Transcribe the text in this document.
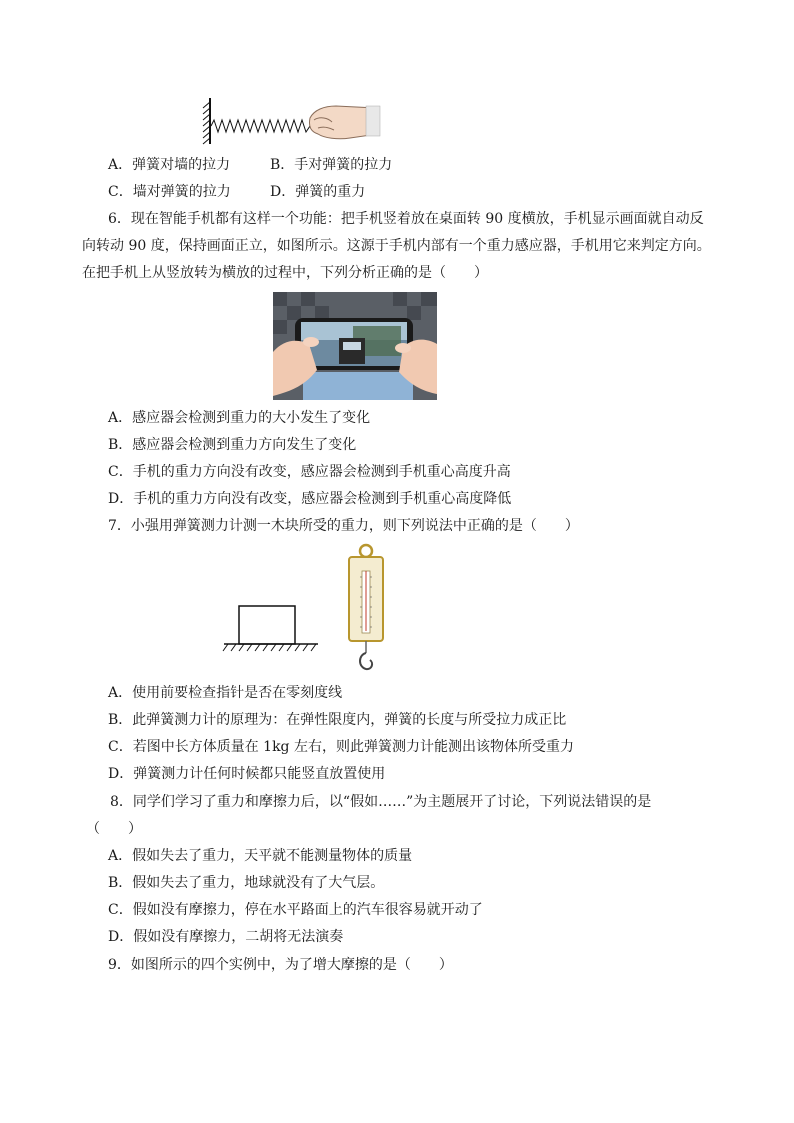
A．弹簧对墙的拉力	B．手对弹簧的拉力
C．墙对弹簧的拉力	D．弹簧的重力
6．现在智能手机都有这样一个功能：把手机竖着放在桌面转 90 度横放，手机显示画面就自动反
向转动 90 度，保持画面正立，如图所示。这源于手机内部有一个重力感应器，手机用它来判定方向。
在把手机上从竖放转为横放的过程中，下列分析正确的是（　　）
A．感应器会检测到重力的大小发生了变化
B．感应器会检测到重力方向发生了变化
C．手机的重力方向没有改变，感应器会检测到手机重心高度升高
D．手机的重力方向没有改变，感应器会检测到手机重心高度降低
7．小强用弹簧测力计测一木块所受的重力，则下列说法中正确的是（　　）
A．使用前要检查指针是否在零刻度线
B．此弹簧测力计的原理为：在弹性限度内，弹簧的长度与所受拉力成正比
C．若图中长方体质量在 1kg 左右，则此弹簧测力计能测出该物体所受重力
D．弹簧测力计任何时候都只能竖直放置使用
8．同学们学习了重力和摩擦力后，以“假如……”为主题展开了讨论，下列说法错误的是
（　　）
A．假如失去了重力，天平就不能测量物体的质量
B．假如失去了重力，地球就没有了大气层。
C．假如没有摩擦力，停在水平路面上的汽车很容易就开动了
D．假如没有摩擦力，二胡将无法演奏
9．如图所示的四个实例中，为了增大摩擦的是（　　）
